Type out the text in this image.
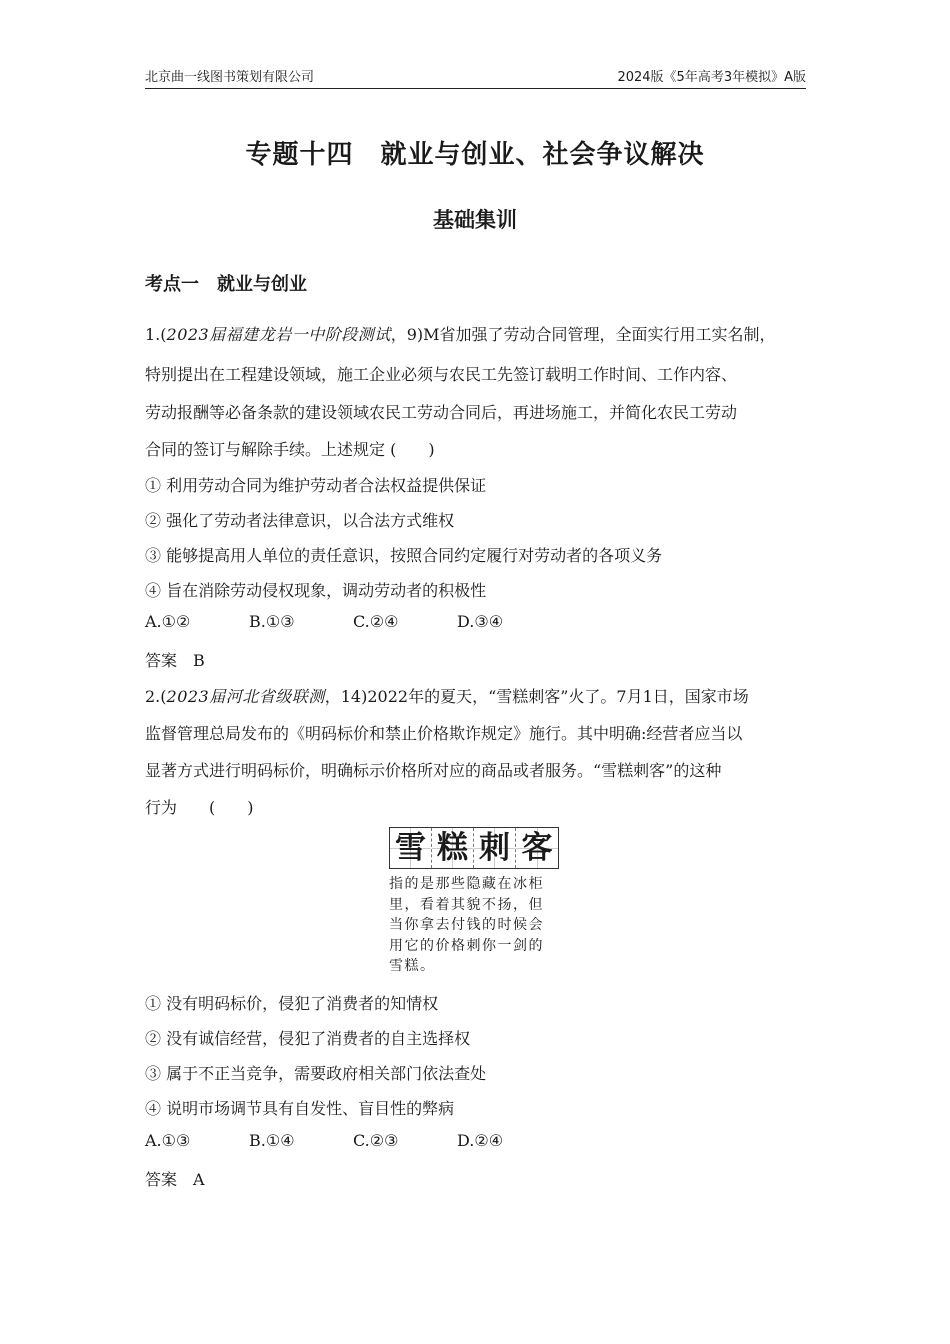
北京曲一线图书策划有限公司	2024版《5年高考3年模拟》A版
专题十四　就业与创业、社会争议解决
基础集训
考点一　就业与创业
1.(2023届福建龙岩一中阶段测试，9)M省加强了劳动合同管理，全面实行用工实名制，
特别提出在工程建设领域，施工企业必须与农民工先签订载明工作时间、工作内容、
劳动报酬等必备条款的建设领域农民工劳动合同后，再进场施工，并简化农民工劳动
合同的签订与解除手续。上述规定 (　　)
① 利用劳动合同为维护劳动者合法权益提供保证
② 强化了劳动者法律意识，以合法方式维权
③ 能够提高用人单位的责任意识，按照合同约定履行对劳动者的各项义务
④ 旨在消除劳动侵权现象，调动劳动者的积极性
A.①②	B.①③	C.②④	D.③④
答案　B
2.(2023届河北省级联测，14)2022年的夏天，“雪糕刺客”火了。7月1日，国家市场
监督管理总局发布的《明码标价和禁止价格欺诈规定》施行。其中明确:经营者应当以
显著方式进行明码标价，明确标示价格所对应的商品或者服务。“雪糕刺客”的这种
行为　　(　　)
雪 糕 刺 客
指的是那些隐藏在冰柜
里，看着其貌不扬，但
当你拿去付钱的时候会
用它的价格刺你一剑的
雪糕。
① 没有明码标价，侵犯了消费者的知情权
② 没有诚信经营，侵犯了消费者的自主选择权
③ 属于不正当竞争，需要政府相关部门依法查处
④ 说明市场调节具有自发性、盲目性的弊病
A.①③	B.①④	C.②③	D.②④
答案　A
